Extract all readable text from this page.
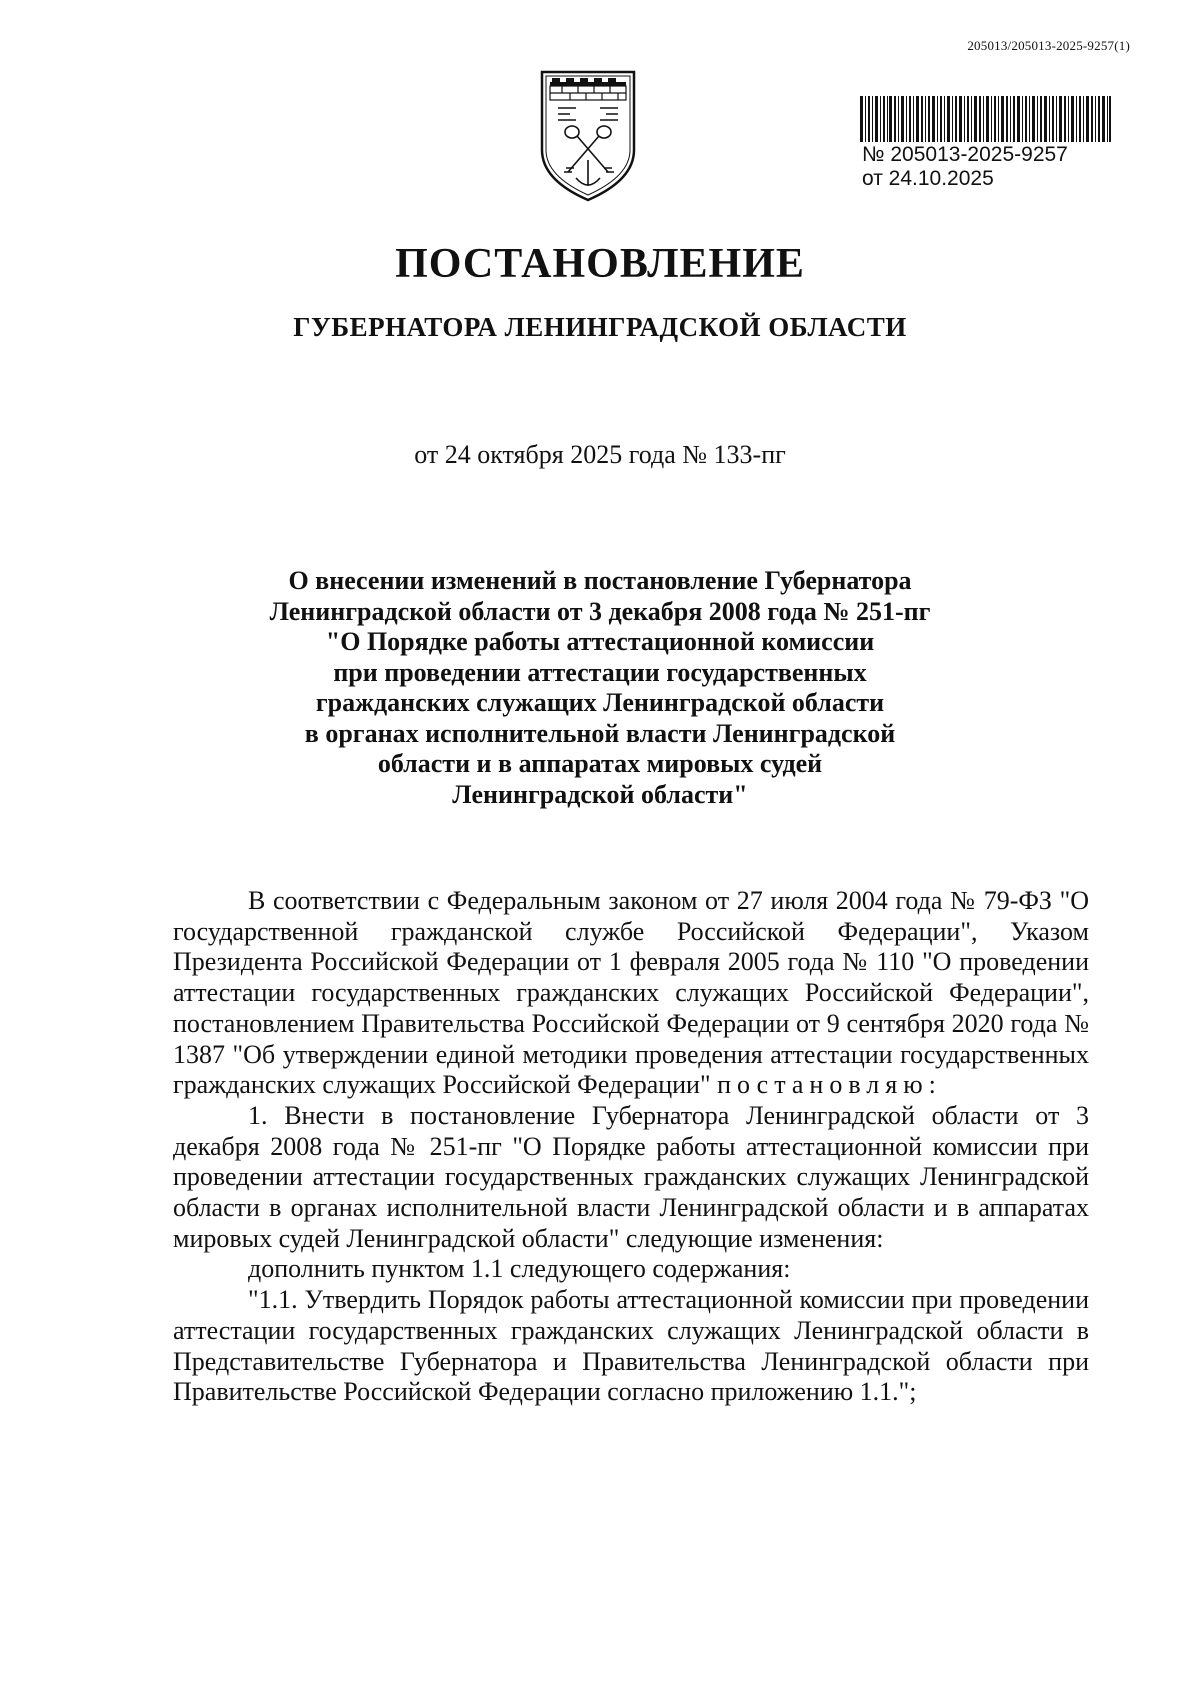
205013/205013-2025-9257(1)
№ 205013-2025-9257
от 24.10.2025
ПОСТАНОВЛЕНИЕ
ГУБЕРНАТОРА ЛЕНИНГРАДСКОЙ ОБЛАСТИ
от 24 октября 2025 года № 133-пг
О внесении изменений в постановление Губернатора
Ленинградской области от 3 декабря 2008 года № 251-пг
"О Порядке работы аттестационной комиссии
при проведении аттестации государственных
гражданских служащих Ленинградской области
в органах исполнительной власти Ленинградской
области и в аппаратах мировых судей
Ленинградской области"

В соответствии с Федеральным законом от 27 июля 2004 года № 79-ФЗ "О государственной гражданской службе Российской Федерации", Указом Президента Российской Федерации от 1 февраля 2005 года № 110 "О проведении аттестации государственных гражданских служащих Российской Федерации", постановлением Правительства Российской Федерации от 9 сентября 2020 года № 1387 "Об утверждении единой методики проведения аттестации государственных гражданских служащих Российской Федерации" постановляю:

1. Внести в постановление Губернатора Ленинградской области от 3 декабря 2008 года № 251-пг "О Порядке работы аттестационной комиссии при проведении аттестации государственных гражданских служащих Ленинградской области в органах исполнительной власти Ленинградской области и в аппаратах мировых судей Ленинградской области" следующие изменения:

дополнить пунктом 1.1 следующего содержания:

"1.1. Утвердить Порядок работы аттестационной комиссии при проведении аттестации государственных гражданских служащих Ленинградской области в Представительстве Губернатора и Правительства Ленинградской области при Правительстве Российской Федерации согласно приложению 1.1.";
